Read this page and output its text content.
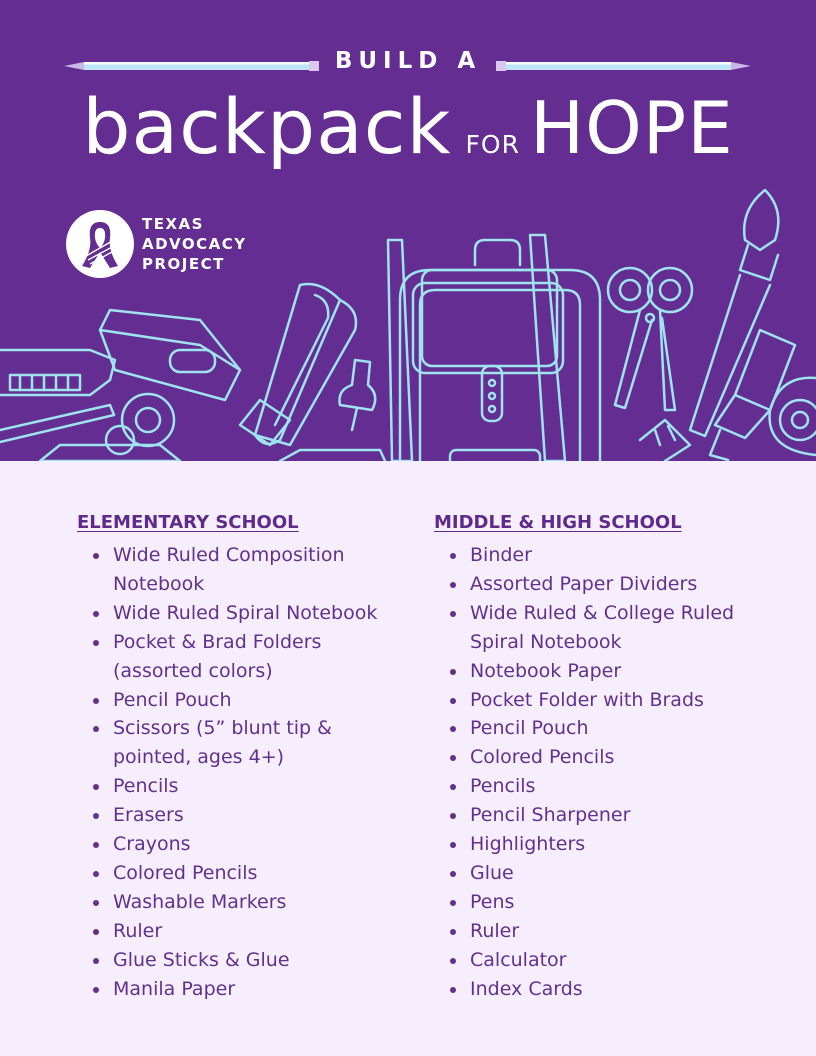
BUILD A
backpack FOR HOPE
TEXAS
ADVOCACY
PROJECT
ELEMENTARY SCHOOL
Wide Ruled Composition Notebook
Wide Ruled Spiral Notebook
Pocket & Brad Folders (assorted colors)
Pencil Pouch
Scissors (5” blunt tip & pointed, ages 4+)
Pencils
Erasers
Crayons
Colored Pencils
Washable Markers
Ruler
Glue Sticks & Glue
Manila Paper
MIDDLE & HIGH SCHOOL
Binder
Assorted Paper Dividers
Wide Ruled & College Ruled Spiral Notebook
Notebook Paper
Pocket Folder with Brads
Pencil Pouch
Colored Pencils
Pencils
Pencil Sharpener
Highlighters
Glue
Pens
Ruler
Calculator
Index Cards
